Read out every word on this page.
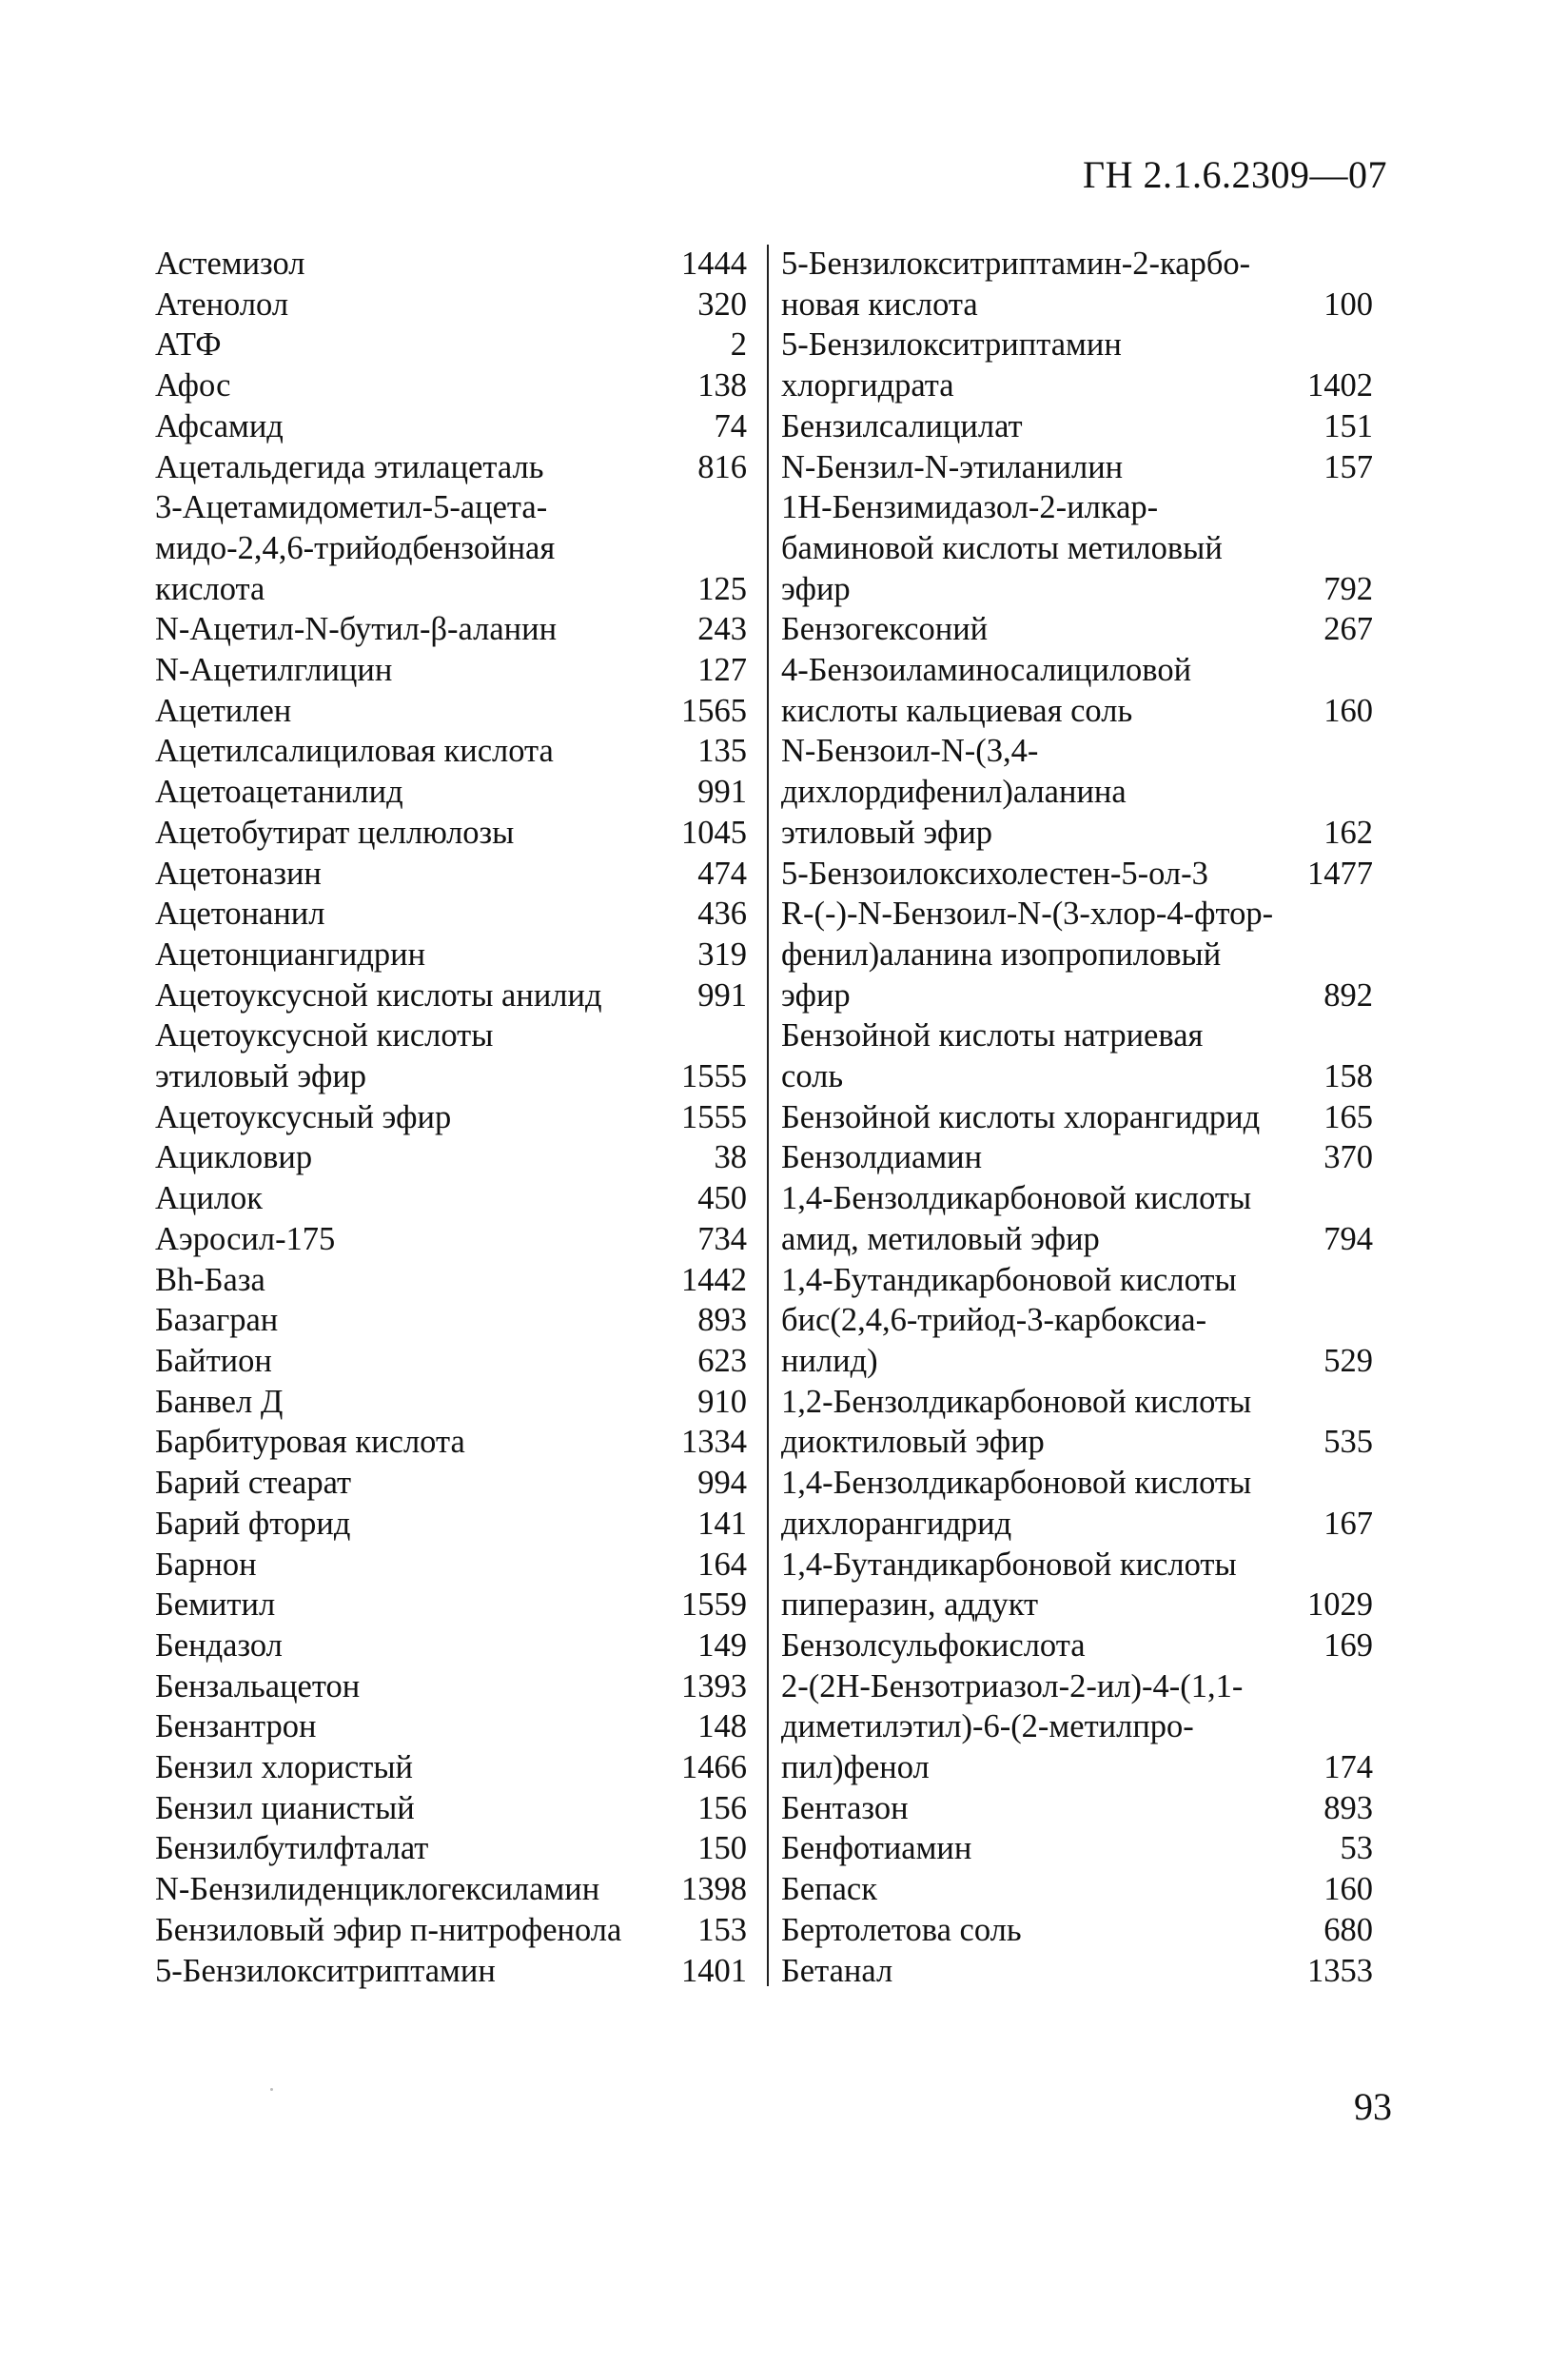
ГН 2.1.6.2309—07
Астемизол	1444
Атенолол	320
АТФ	2
Афос	138
Афсамид	74
Ацетальдегида этилацеталь	816
3-Ацетамидометил-5-ацета-
мидо-2,4,6-трийодбензойная
кислота	125
N-Ацетил-N-бутил-β-аланин	243
N-Ацетилглицин	127
Ацетилен	1565
Ацетилсалициловая кислота	135
Ацетоацетанилид	991
Ацетобутират целлюлозы	1045
Ацетоназин	474
Ацетонанил	436
Ацетонциангидрин	319
Ацетоуксусной кислоты анилид	991
Ацетоуксусной кислоты
этиловый эфир	1555
Ацетоуксусный эфир	1555
Ацикловир	38
Ацилок	450
Аэросил-175	734
Bh-База	1442
Базагран	893
Байтион	623
Банвел Д	910
Барбитуровая кислота	1334
Барий стеарат	994
Барий фторид	141
Барнон	164
Бемитил	1559
Бендазол	149
Бензальацетон	1393
Бензантрон	148
Бензил хлористый	1466
Бензил цианистый	156
Бензилбутилфталат	150
N-Бензилиденциклогексиламин	1398
Бензиловый эфир п-нитрофенола	153
5-Бензилокситриптамин	1401
5-Бензилокситриптамин-2-карбо-
новая кислота	100
5-Бензилокситриптамин
хлоргидрата	1402
Бензилсалицилат	151
N-Бензил-N-этиланилин	157
1Н-Бензимидазол-2-илкар-
баминовой кислоты метиловый
эфир	792
Бензогексоний	267
4-Бензоиламиносалициловой
кислоты кальциевая соль	160
N-Бензоил-N-(3,4-
дихлордифенил)аланина
этиловый эфир	162
5-Бензоилоксихолестен-5-ол-3	1477
R-(-)-N-Бензоил-N-(3-хлор-4-фтор-
фенил)аланина изопропиловый
эфир	892
Бензойной кислоты натриевая
соль	158
Бензойной кислоты хлорангидрид	165
Бензолдиамин	370
1,4-Бензолдикарбоновой кислоты
амид, метиловый эфир	794
1,4-Бутандикарбоновой кислоты
бис(2,4,6-трийод-3-карбоксиа-
нилид)	529
1,2-Бензолдикарбоновой кислоты
диоктиловый эфир	535
1,4-Бензолдикарбоновой кислоты
дихлорангидрид	167
1,4-Бутандикарбоновой кислоты
пиперазин, аддукт	1029
Бензолсульфокислота	169
2-(2Н-Бензотриазол-2-ил)-4-(1,1-
диметилэтил)-6-(2-метилпро-
пил)фенол	174
Бентазон	893
Бенфотиамин	53
Бепаск	160
Бертолетова соль	680
Бетанал	1353
93
